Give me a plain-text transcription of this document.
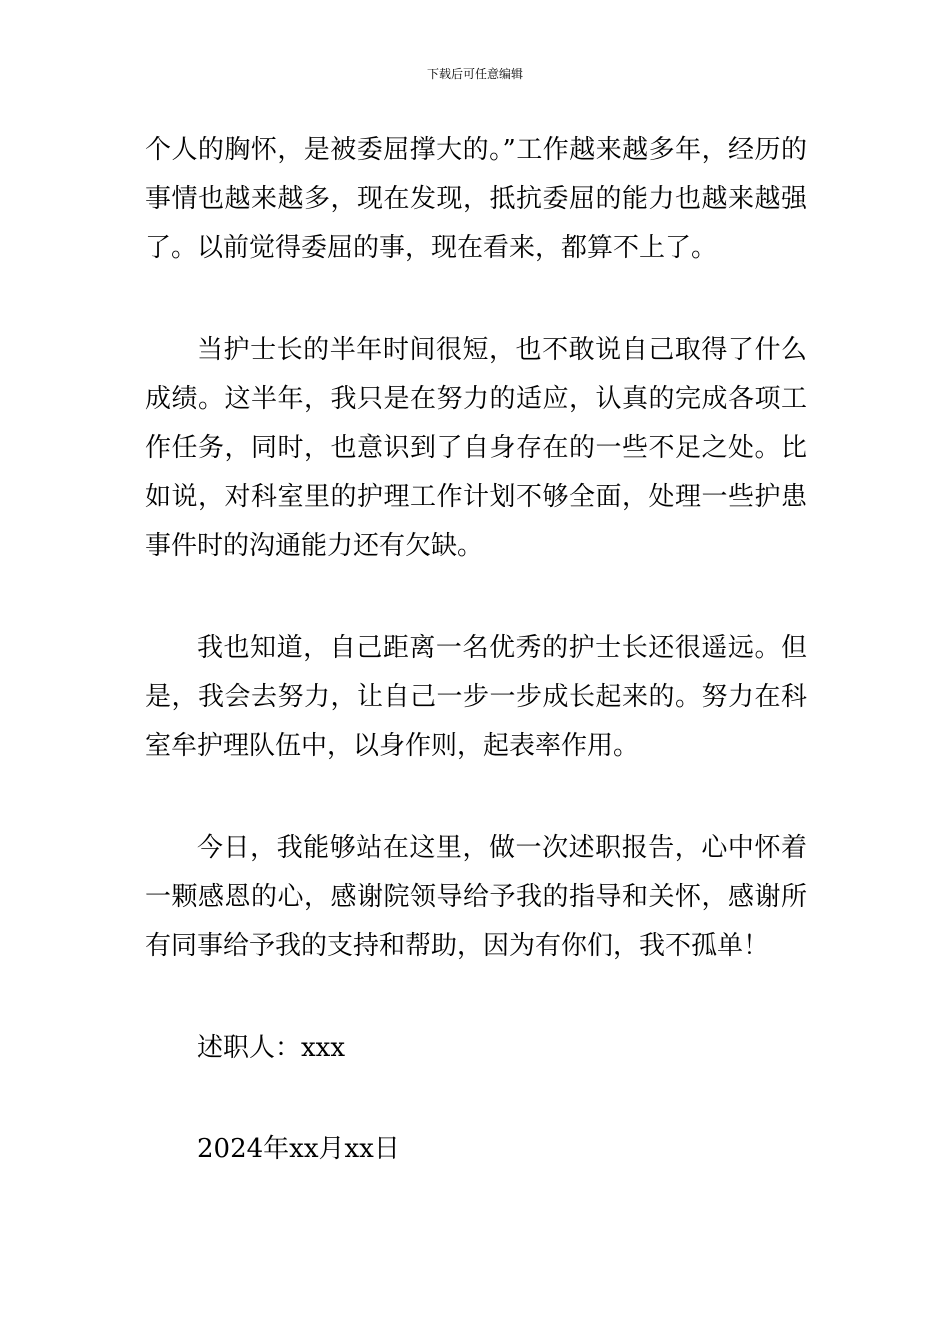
下载后可任意编辑

个人的胸怀，是被委屈撑大的。”工作越来越多年，经历的事情也越来越多，现在发现，抵抗委屈的能力也越来越强了。以前觉得委屈的事，现在看来，都算不上了。

当护士长的半年时间很短，也不敢说自己取得了什么成绩。这半年，我只是在努力的适应，认真的完成各项工作任务，同时，也意识到了自身存在的一些不足之处。比如说，对科室里的护理工作计划不够全面，处理一些护患事件时的沟通能力还有欠缺。

我也知道，自己距离一名优秀的护士长还很遥远。但是，我会去努力，让自己一步一步成长起来的。努力在科室牟护理队伍中，以身作则，起表率作用。

今日，我能够站在这里，做一次述职报告，心中怀着一颗感恩的心，感谢院领导给予我的指导和关怀，感谢所有同事给予我的支持和帮助，因为有你们，我不孤单！

述职人：xxx

2024年xx月xx日
